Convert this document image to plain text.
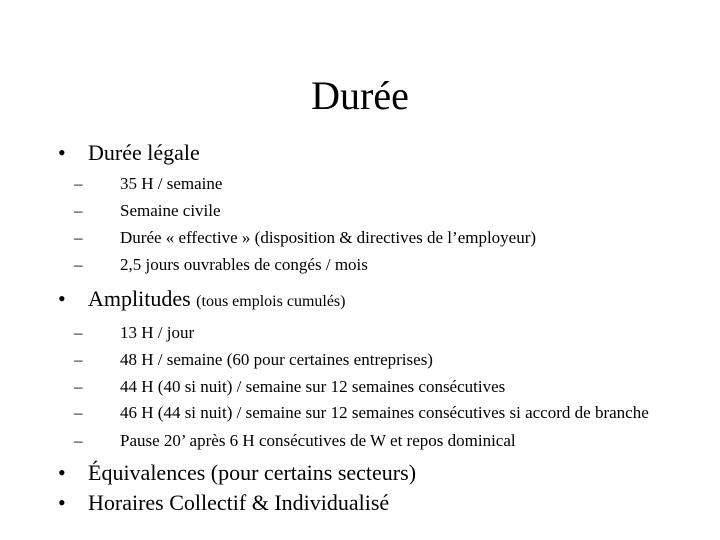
Durée
• Durée légale
– 35 H / semaine
– Semaine civile
– Durée « effective » (disposition & directives de l’employeur)
– 2,5 jours ouvrables de congés / mois
• Amplitudes (tous emplois cumulés)
– 13 H / jour
– 48 H / semaine (60 pour certaines entreprises)
– 44 H (40 si nuit) / semaine sur 12 semaines consécutives
– 46 H (44 si nuit) / semaine sur 12 semaines consécutives si accord de branche
– Pause 20’ après 6 H consécutives de W et repos dominical
• Équivalences (pour certains secteurs)
• Horaires Collectif & Individualisé
